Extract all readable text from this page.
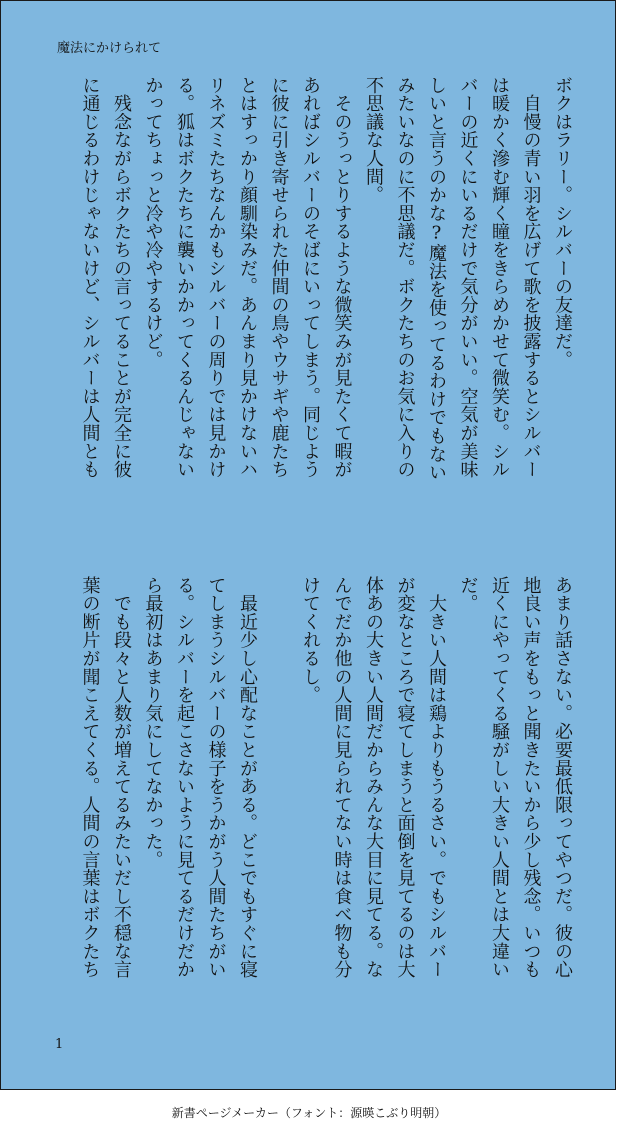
魔法にかけられて
ボクはラリー。シルバーの友達だ。
　自慢の青い羽を広げて歌を披露するとシルバー
は暖かく滲む輝く瞳をきらめかせて微笑む。シル
バーの近くにいるだけで気分がいい。空気が美味
しいと言うのかな?魔法を使ってるわけでもない
みたいなのに不思議だ。ボクたちのお気に入りの
不思議な人間。
　そのうっとりするような微笑みが見たくて暇が
あればシルバーのそばにいってしまう。同じよう
に彼に引き寄せられた仲間の鳥やウサギや鹿たち
とはすっかり顔馴染みだ。あんまり見かけないハ
リネズミたちなんかもシルバーの周りでは見かけ
る。狐はボクたちに襲いかかってくるんじゃない
かってちょっと冷や冷やするけど。
　残念ながらボクたちの言ってることが完全に彼
に通じるわけじゃないけど、シルバーは人間とも
あまり話さない。必要最低限ってやつだ。彼の心
地良い声をもっと聞きたいから少し残念。いつも
近くにやってくる騒がしい大きい人間とは大違い
だ。
　大きい人間は鶏よりもうるさい。でもシルバー
が変なところで寝てしまうと面倒を見てるのは大
体あの大きい人間だからみんな大目に見てる。な
んでだか他の人間に見られてない時は食べ物も分
けてくれるし。
　最近少し心配なことがある。どこでもすぐに寝
てしまうシルバーの様子をうかがう人間たちがい
る。シルバーを起こさないように見てるだけだか
ら最初はあまり気にしてなかった。
　でも段々と人数が増えてるみたいだし不穏な言
葉の断片が聞こえてくる。人間の言葉はボクたち
1
新書ページメーカー（フォント：源暎こぶり明朝）
